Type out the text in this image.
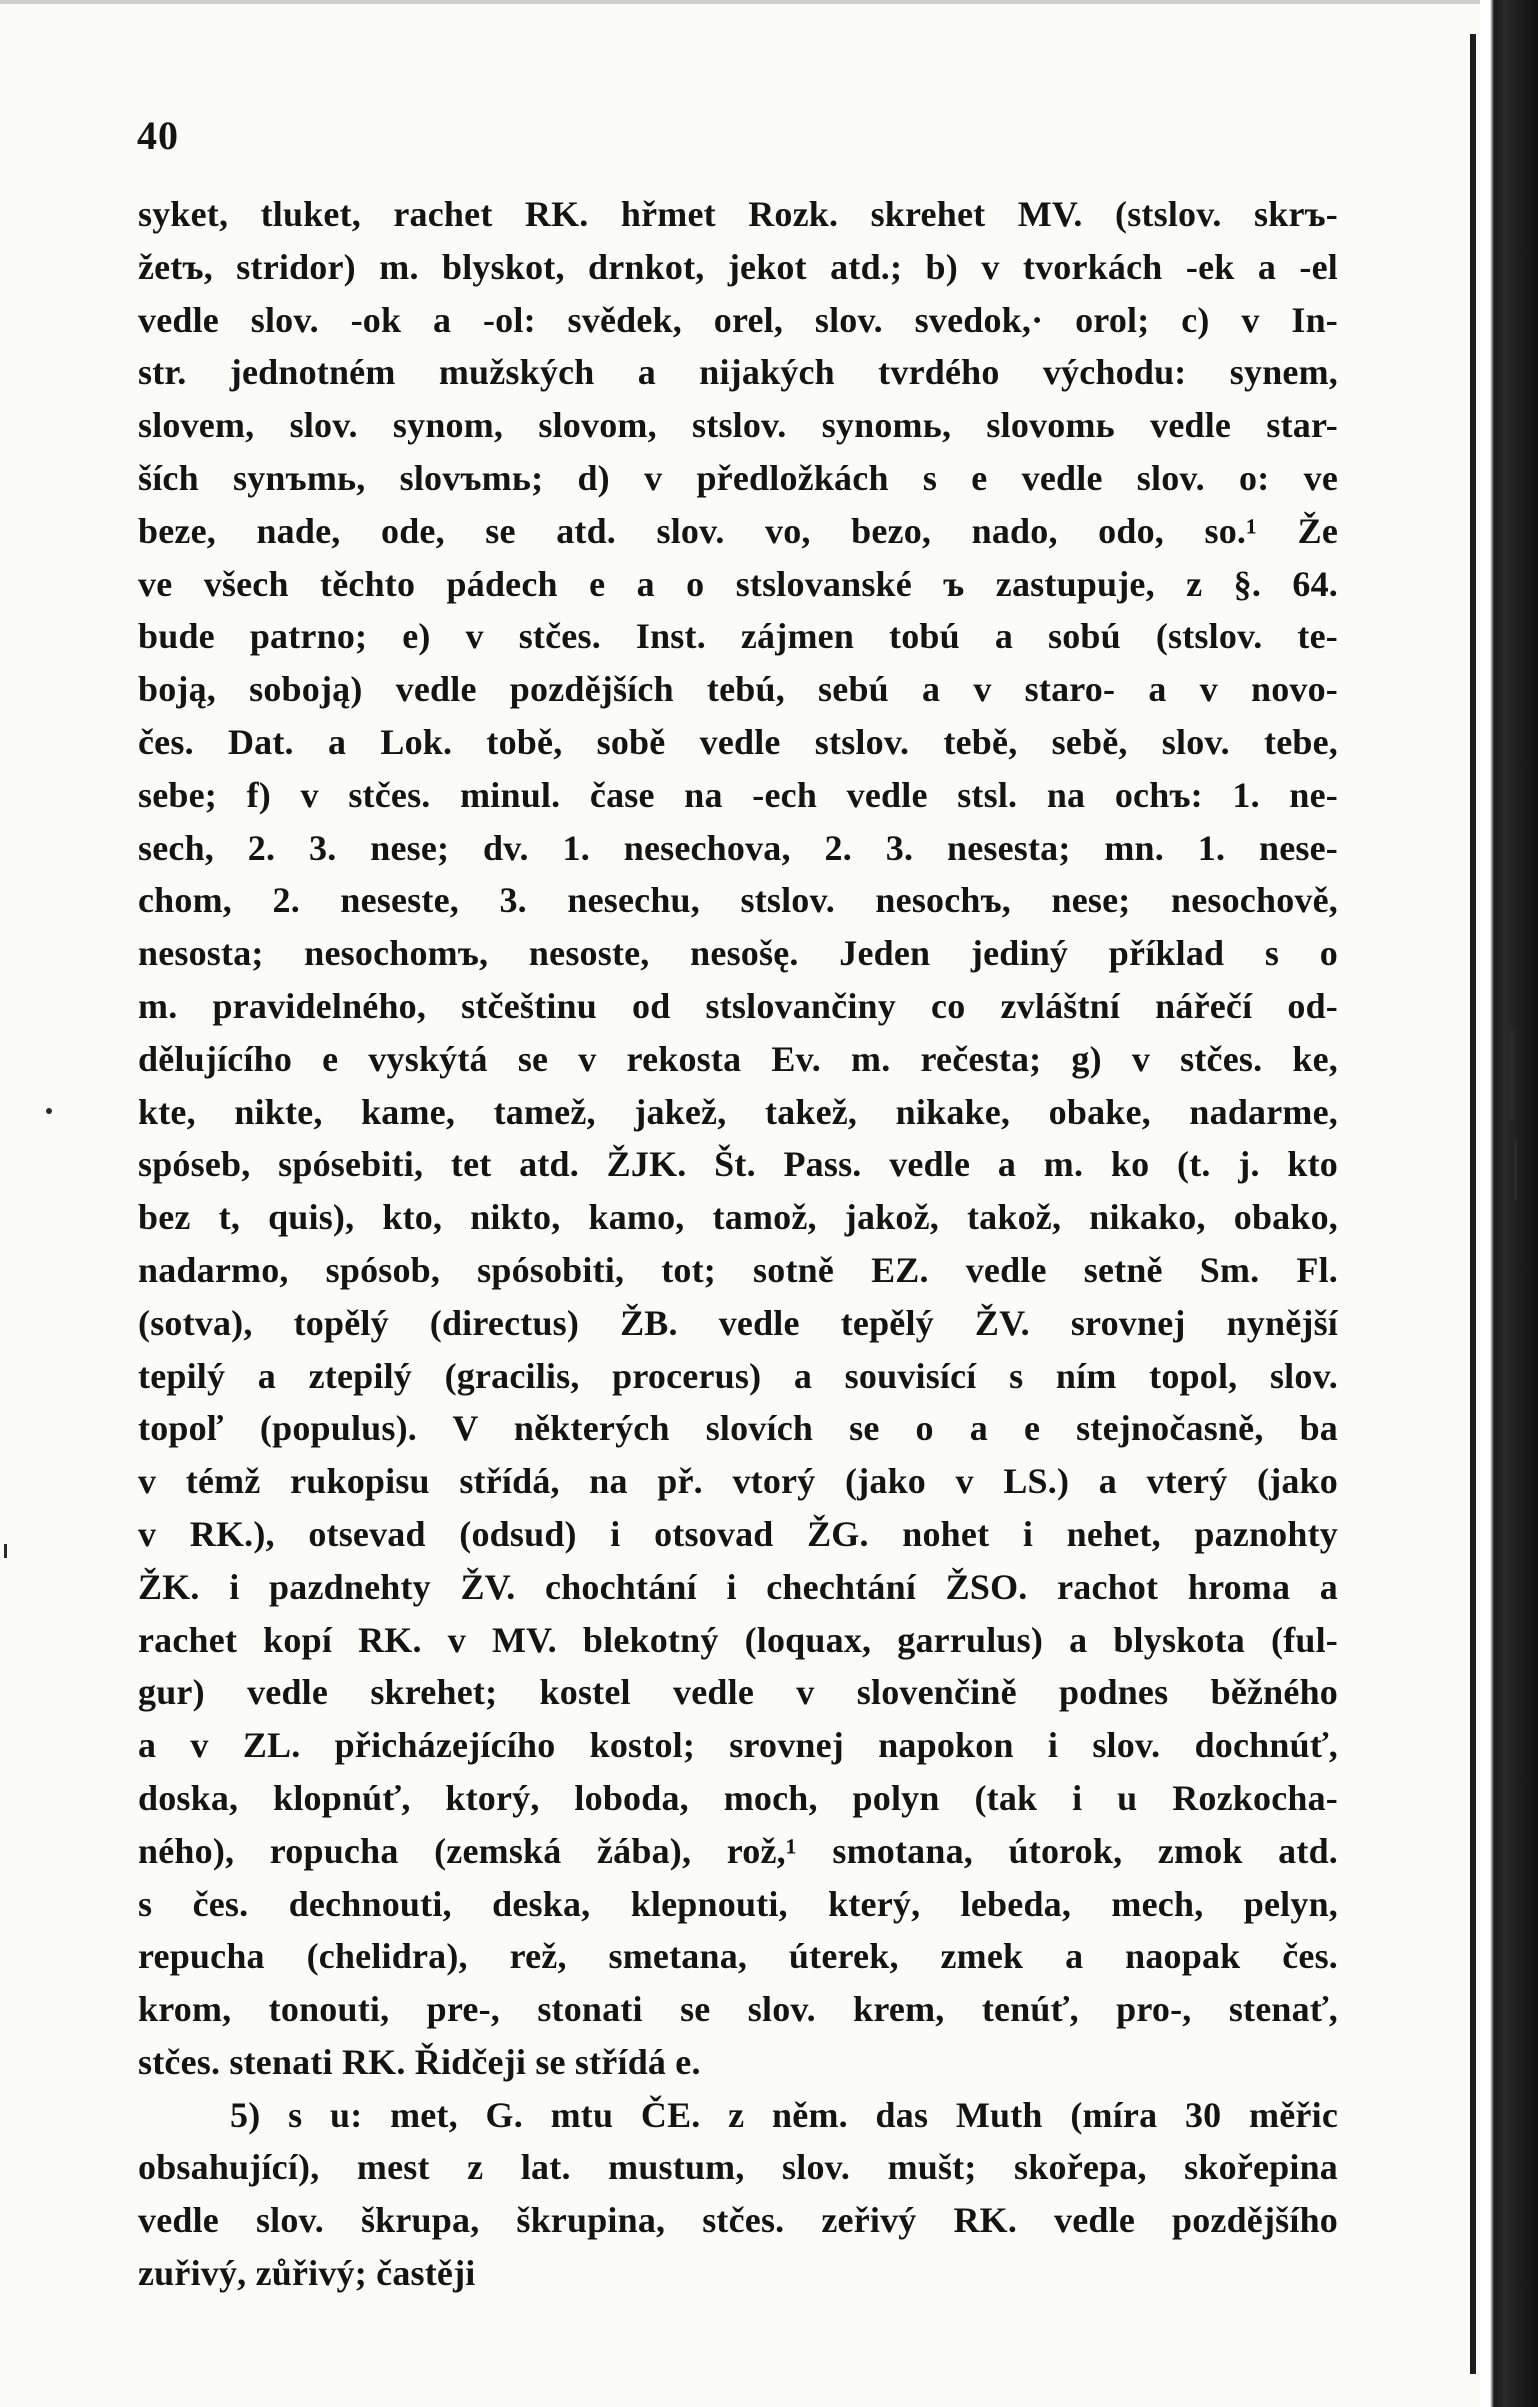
40
syket, tluket, rachet RK. hřmet Rozk. skrehet MV. (stslov. skrъ-
žetъ, stridor) m. blyskot, drnkot, jekot atd.; b) v tvorkách -ek a -el
vedle slov. -ok a -ol: svědek, orel, slov. svedok,· orol; c) v In-
str. jednotném mužských a nijakých tvrdého východu: synem,
slovem, slov. synom, slovom, stslov. synomь, slovomь vedle star-
ších synъmь, slovъmь; d) v předložkách s e vedle slov. o: ve
beze, nade, ode, se atd. slov. vo, bezo, nado, odo, so.¹ Že
ve všech těchto pádech e a o stslovanské ъ zastupuje, z §. 64.
bude patrno; e) v stčes. Inst. zájmen tobú a sobú (stslov. te-
boją, soboją) vedle pozdějších tebú, sebú a v staro- a v novo-
čes. Dat. a Lok. tobě, sobě vedle stslov. tebě, sebě, slov. tebe,
sebe; f) v stčes. minul. čase na -ech vedle stsl. na ochъ: 1. ne-
sech, 2. 3. nese; dv. 1. nesechova, 2. 3. nesesta; mn. 1. nese-
chom, 2. neseste, 3. nesechu, stslov. nesochъ, nese; nesochově,
nesosta; nesochomъ, nesoste, nesošę. Jeden jediný příklad s o
m. pravidelného, stčeštinu od stslovančiny co zvláštní nářečí od-
dělujícího e vyskýtá se v rekosta Ev. m. rečesta; g) v stčes. ke,
kte, nikte, kame, tamež, jakež, takež, nikake, obake, nadarme,
spóseb, spósebiti, tet atd. ŽJK. Št. Pass. vedle a m. ko (t. j. kto
bez t, quis), kto, nikto, kamo, tamož, jakož, takož, nikako, obako,
nadarmo, spósob, spósobiti, tot; sotně EZ. vedle setně Sm. Fl.
(sotva), topělý (directus) ŽB. vedle tepělý ŽV. srovnej nynější
tepilý a ztepilý (gracilis, procerus) a souvisící s ním topol, slov.
topoľ (populus). V některých slovích se o a e stejnočasně, ba
v témž rukopisu střídá, na př. vtorý (jako v LS.) a vterý (jako
v RK.), otsevad (odsud) i otsovad ŽG. nohet i nehet, paznohty
ŽK. i pazdnehty ŽV. chochtání i chechtání ŽSO. rachot hroma a
rachet kopí RK. v MV. blekotný (loquax, garrulus) a blyskota (ful-
gur) vedle skrehet; kostel vedle v slovenčině podnes běžného
a v ZL. přicházejícího kostol; srovnej napokon i slov. dochnúť,
doska, klopnúť, ktorý, loboda, moch, polyn (tak i u Rozkocha-
ného), ropucha (zemská žába), rož,¹ smotana, útorok, zmok atd.
s čes. dechnouti, deska, klepnouti, který, lebeda, mech, pelyn,
repucha (chelidra), rež, smetana, úterek, zmek a naopak čes.
krom, tonouti, pre-, stonati se slov. krem, tenúť, pro-, stenať,
stčes. stenati RK. Řidčeji se střídá e.
5) s u: met, G. mtu ČE. z něm. das Muth (míra 30 měřic
obsahující), mest z lat. mustum, slov. mušt; skořepa, skořepina
vedle slov. škrupa, škrupina, stčes. zeřivý RK. vedle pozdějšího
zuřivý, zůřivý; častěji
